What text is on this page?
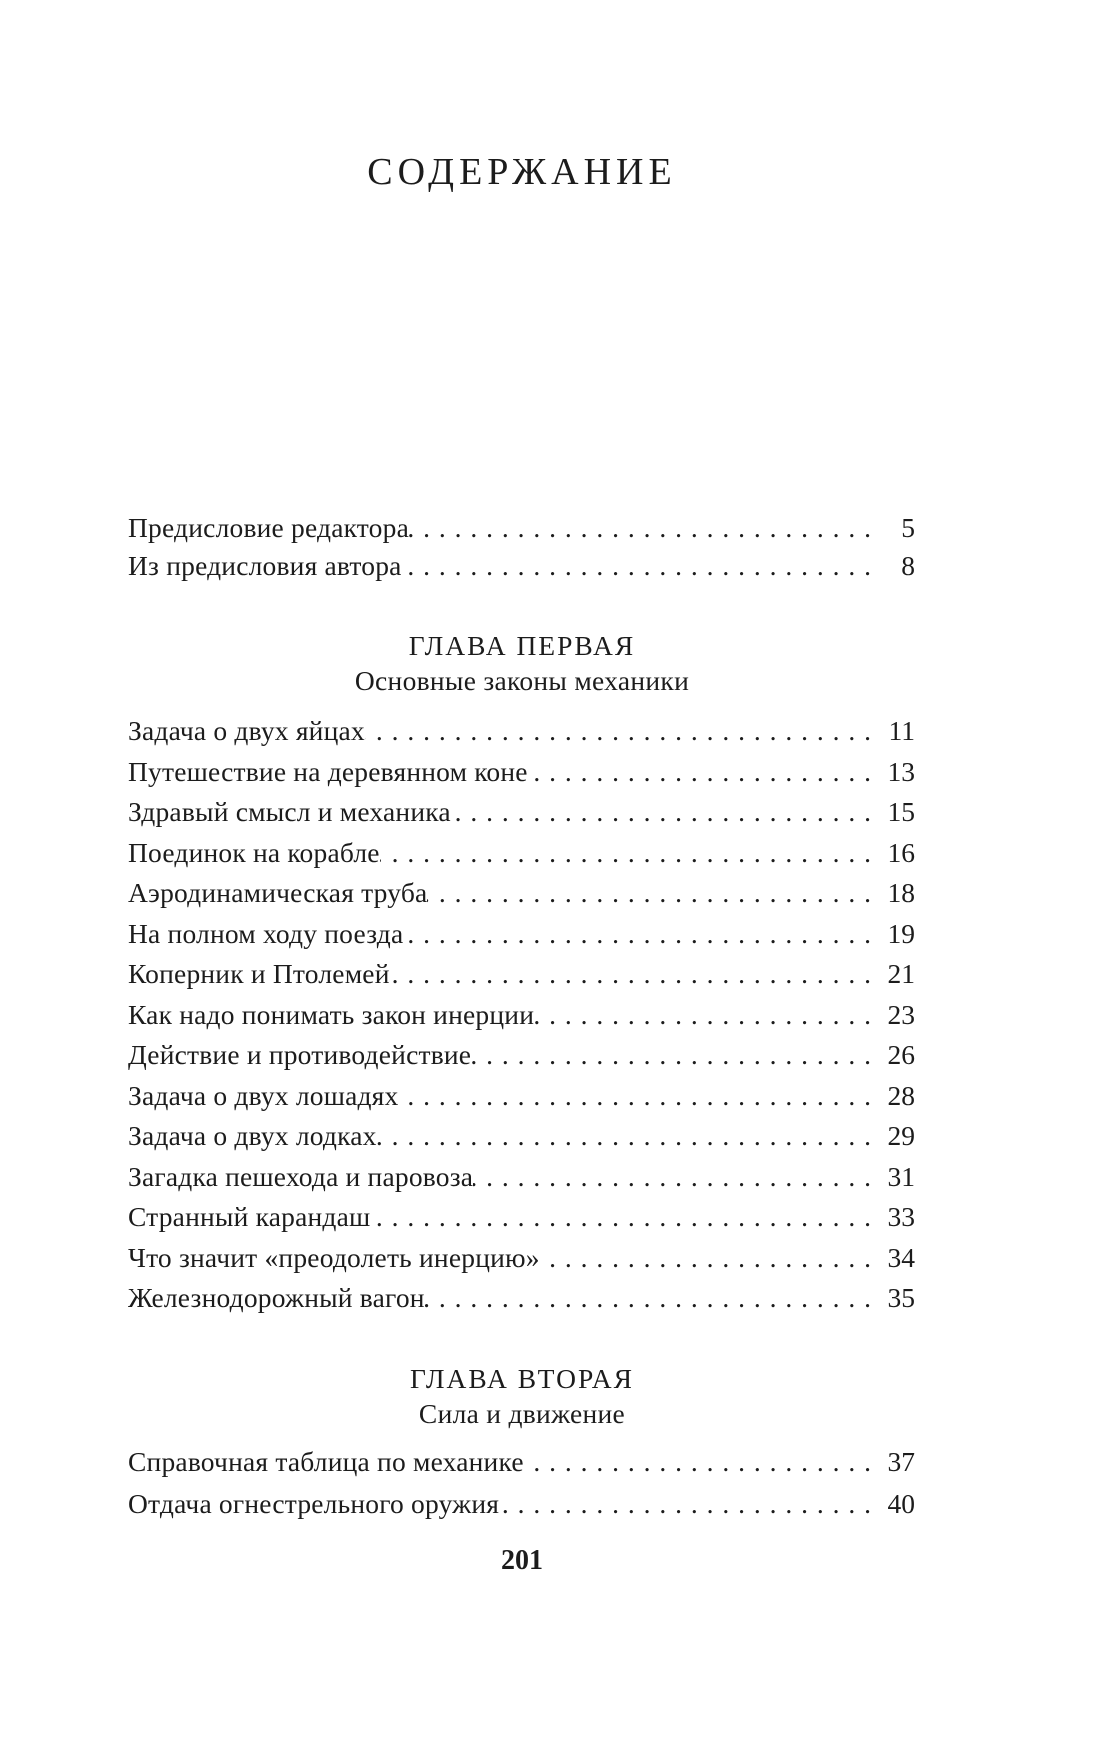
СОДЕРЖАНИЕ
Предисловие редактора . . .	5
Из предисловия автора . . .	8
ГЛАВА ПЕРВАЯ
Основные законы механики
Задача о двух яйцах . . .	11
Путешествие на деревянном коне . . .	13
Здравый смысл и механика . . .	15
Поединок на корабле . . .	16
Аэродинамическая труба . . .	18
На полном ходу поезда . . .	19
Коперник и Птолемей . . .	21
Как надо понимать закон инерции . . .	23
Действие и противодействие . . .	26
Задача о двух лошадях . . .	28
Задача о двух лодках . . .	29
Загадка пешехода и паровоза . . .	31
Странный карандаш . . .	33
Что значит «преодолеть инерцию» . . .	34
Железнодорожный вагон . . .	35
ГЛАВА ВТОРАЯ
Сила и движение
Справочная таблица по механике . . .	37
Отдача огнестрельного оружия . . .	40
201
